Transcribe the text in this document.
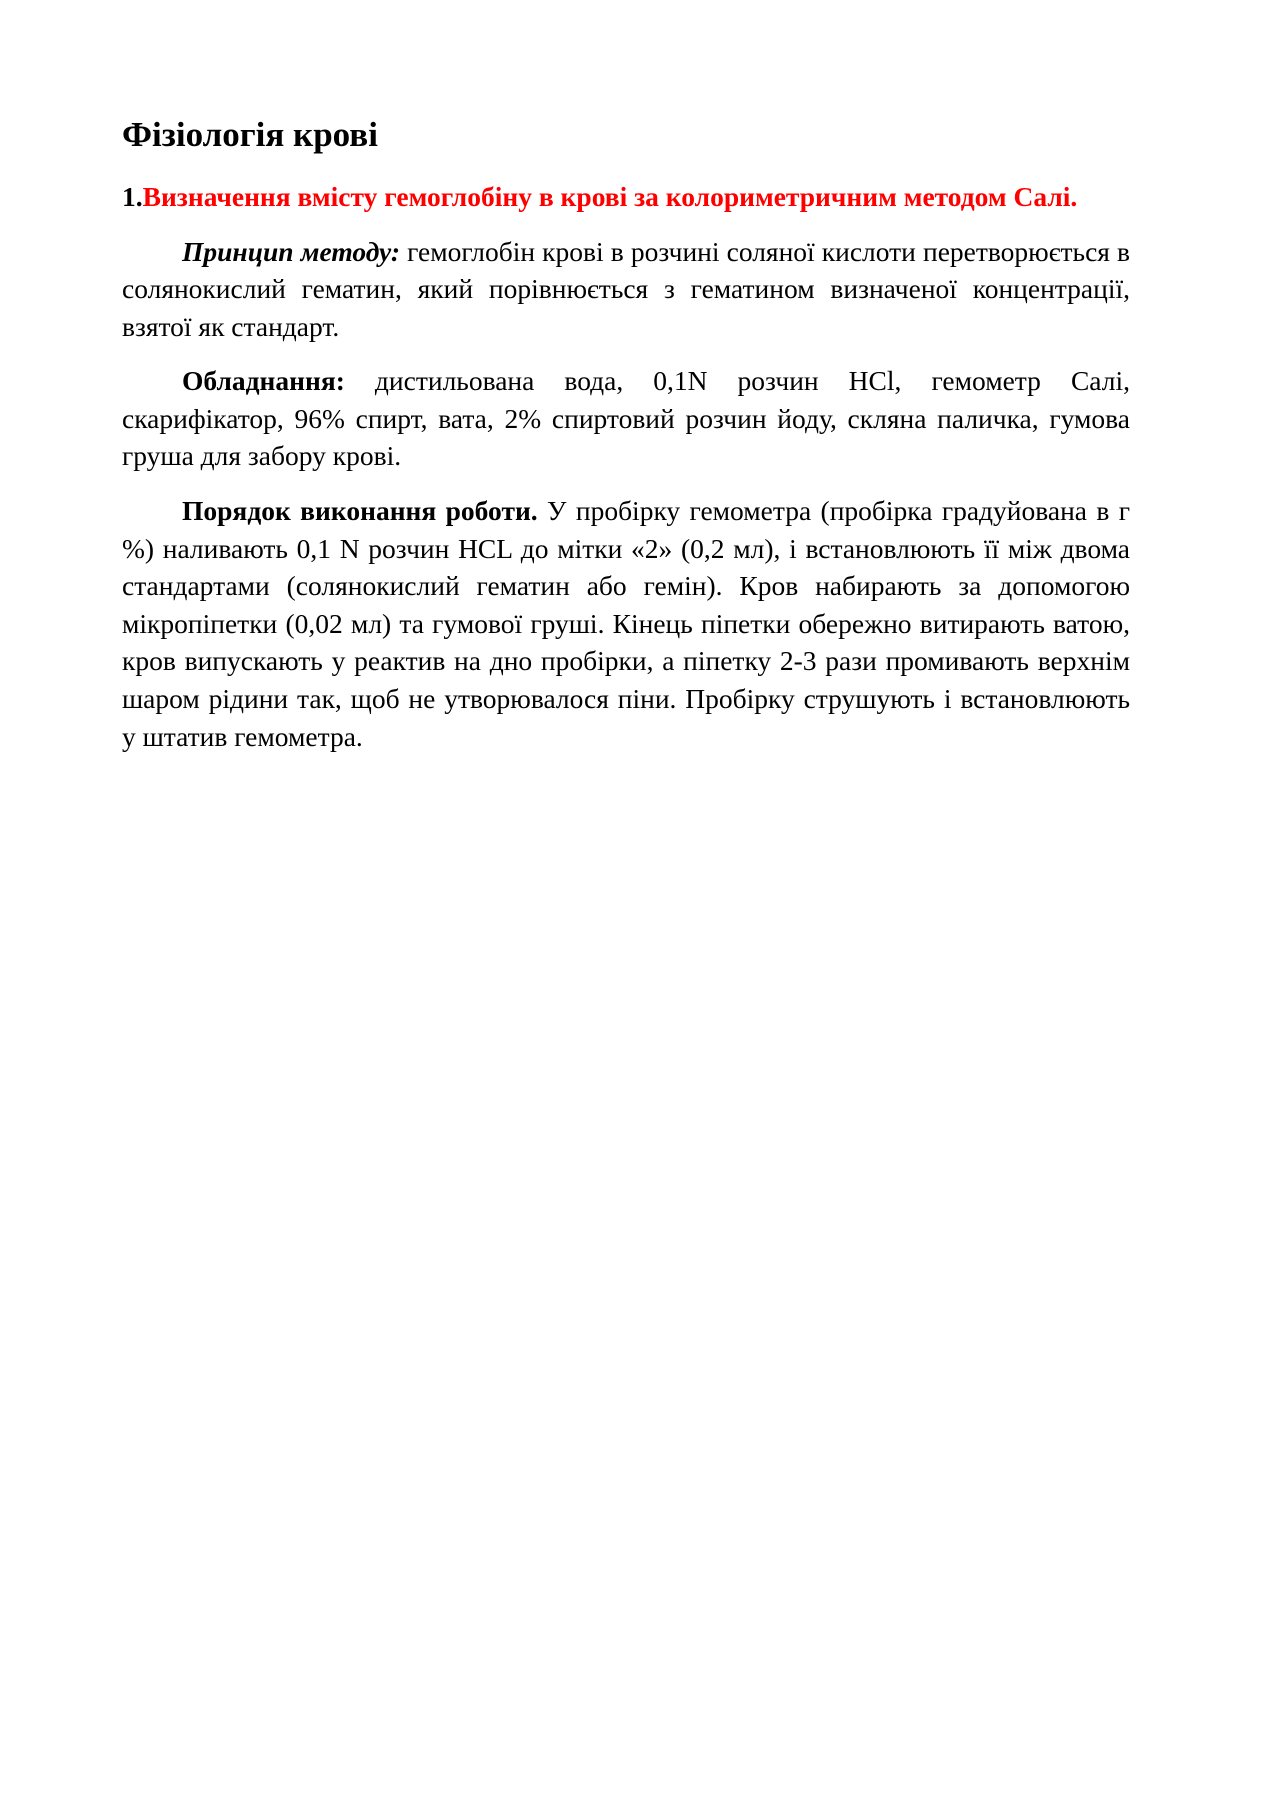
Фізіологія крові
1.Визначення вмісту гемоглобіну в крові за колориметричним методом Салі.

Принцип методу: гемоглобін крові в розчині соляної кислоти перетворюється в солянокислий гематин, який порівнюється з гематином визначеної концентрації, взятої як стандарт.

Обладнання: дистильована вода, 0,1N розчин HCl, гемометр Салі, скарифікатор, 96% спирт, вата, 2% спиртовий розчин йоду, скляна паличка, гумова груша для забору крові.

Порядок виконання роботи. У пробірку гемометра (пробірка градуйована в г %) наливають 0,1 N розчин HCL до мітки «2» (0,2 мл), і встановлюють її між двома стандартами (солянокислий гематин або гемін). Кров набирають за допомогою мікропіпетки (0,02 мл) та гумової груші. Кінець піпетки обережно витирають ватою, кров випускають у реактив на дно пробірки, а піпетку 2-3 рази промивають верхнім шаром рідини так, щоб не утворювалося піни. Пробірку струшують і встановлюють у штатив гемометра.
